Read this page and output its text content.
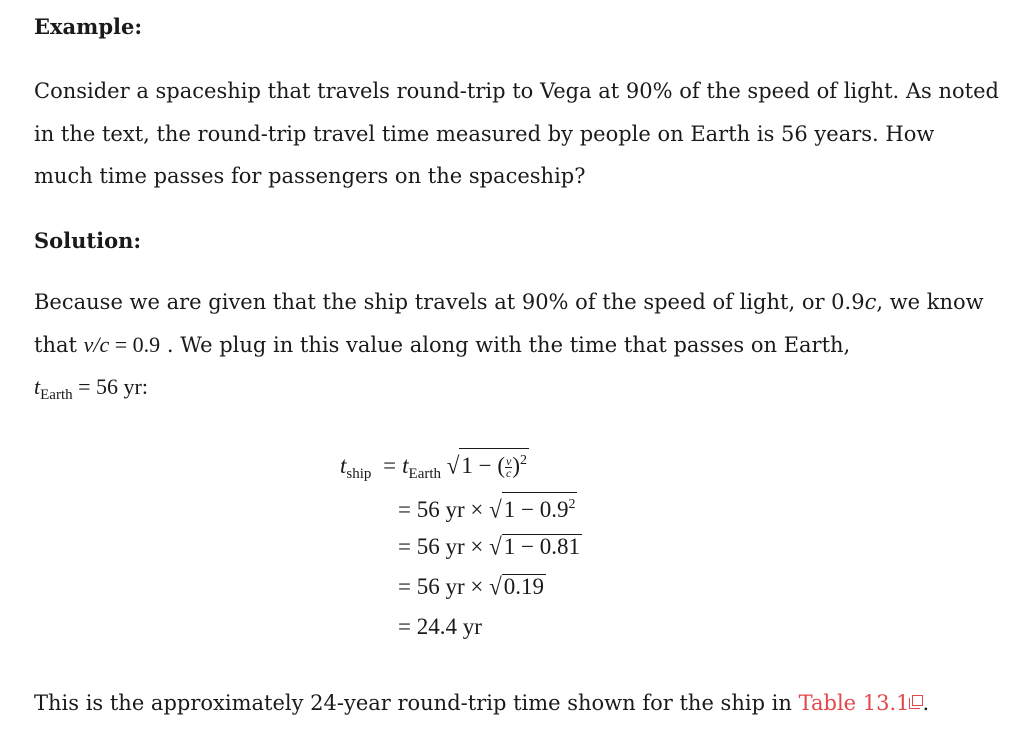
Example:
Consider a spaceship that travels round-trip to Vega at 90% of the speed of light. As noted in the text, the round-trip travel time measured by people on Earth is 56 years. How much time passes for passengers on the spaceship?
Solution:
Because we are given that the ship travels at 90% of the speed of light, or 0.9c, we know that v/c = 0.9 . We plug in this value along with the time that passes on Earth,
$t_{Earth} = 56$ yr:
$t_{ship} = t_{Earth}$ √1 − ( $\frac{v}{c} )^2$
= 56 yr × $√1 - 0.9^2$
= 56 yr × √1 − 0.81
= 56 yr × √0.19
= 24.4 yr
This is the approximately 24-year round-trip time shown for the ship in Table 13.1 .
